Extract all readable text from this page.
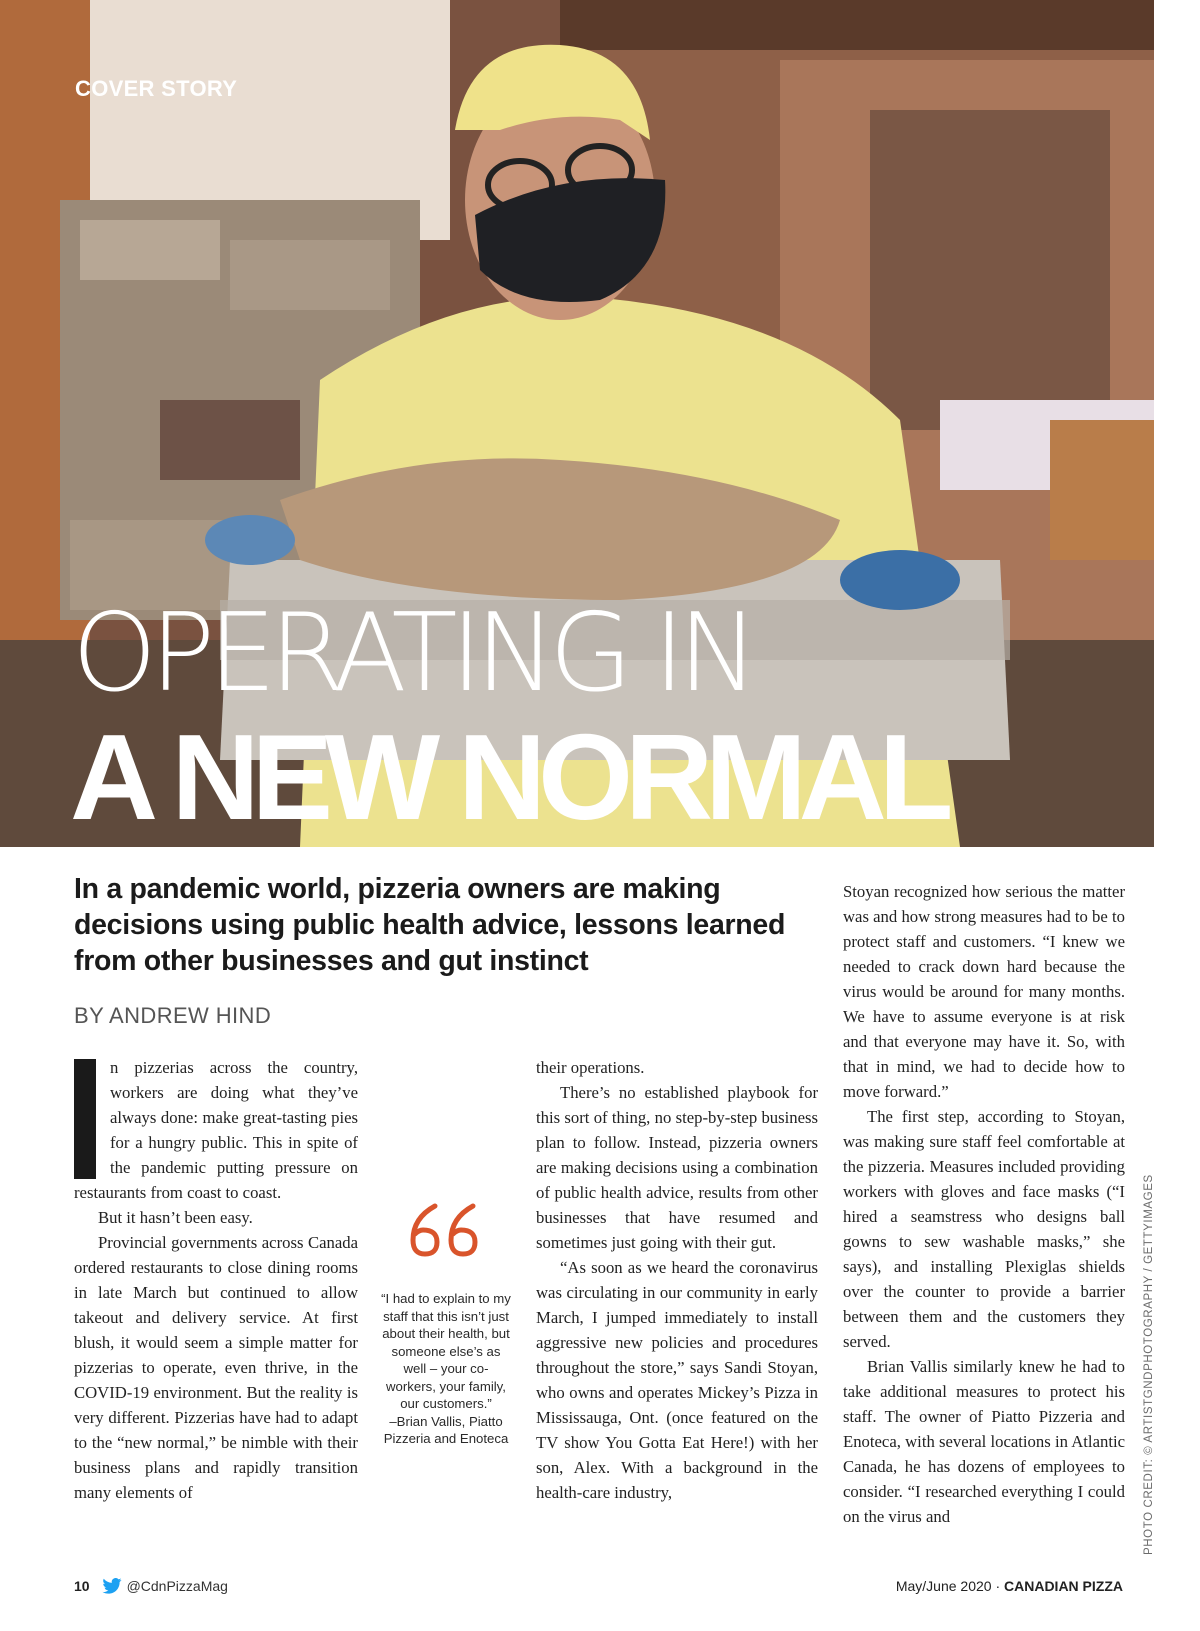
COVER STORY
OPERATING IN
A NEW NORMAL
In a pandemic world, pizzeria owners are making decisions using public health advice, lessons learned from other businesses and gut instinct
BY ANDREW HIND

n pizzerias across the country, workers are doing what they’ve always done: make great-tasting pies for a hungry public. This in spite of the pandemic putting pressure on restaurants from coast to coast.

But it hasn’t been easy.

Provincial governments across Canada ordered restaurants to close dining rooms in late March but continued to allow takeout and delivery service. At first blush, it would seem a simple matter for pizzerias to operate, even thrive, in the COVID-19 environment. But the reality is very different. Pizzerias have had to adapt to the “new normal,” be nimble with their business plans and rapidly transition many elements of

“I had to explain to my staff that this isn’t just about their health, but someone else’s as well – your co-workers, your family, our customers.”
–Brian Vallis, Piatto Pizzeria and Enoteca

their operations.

There’s no established playbook for this sort of thing, no step-by-step business plan to follow. Instead, pizzeria owners are making decisions using a combination of public health advice, results from other businesses that have resumed and sometimes just going with their gut.

“As soon as we heard the coronavirus was circulating in our community in early March, I jumped immediately to install aggressive new policies and procedures throughout the store,” says Sandi Stoyan, who owns and operates Mickey’s Pizza in Mississauga, Ont. (once featured on the TV show You Gotta Eat Here!) with her son, Alex. With a background in the health-care industry,

Stoyan recognized how serious the matter was and how strong measures had to be to protect staff and customers. “I knew we needed to crack down hard because the virus would be around for many months. We have to assume everyone is at risk and that everyone may have it. So, with that in mind, we had to decide how to move forward.”

The first step, according to Stoyan, was making sure staff feel comfortable at the pizzeria. Measures included providing workers with gloves and face masks (“I hired a seamstress who designs ball gowns to sew washable masks,” she says), and installing Plexiglas shields over the counter to provide a barrier between them and the customers they served.

Brian Vallis similarly knew he had to take additional measures to protect his staff. The owner of Piatto Pizzeria and Enoteca, with several locations in Atlantic Canada, he has dozens of employees to consider. “I researched everything I could on the virus and	PHOTO CREDIT: © ARTISTGNDPHOTOGRAPHY / GETTYIMAGES
10	@CdnPizzaMag	May/June 2020 · CANADIAN PIZZA
